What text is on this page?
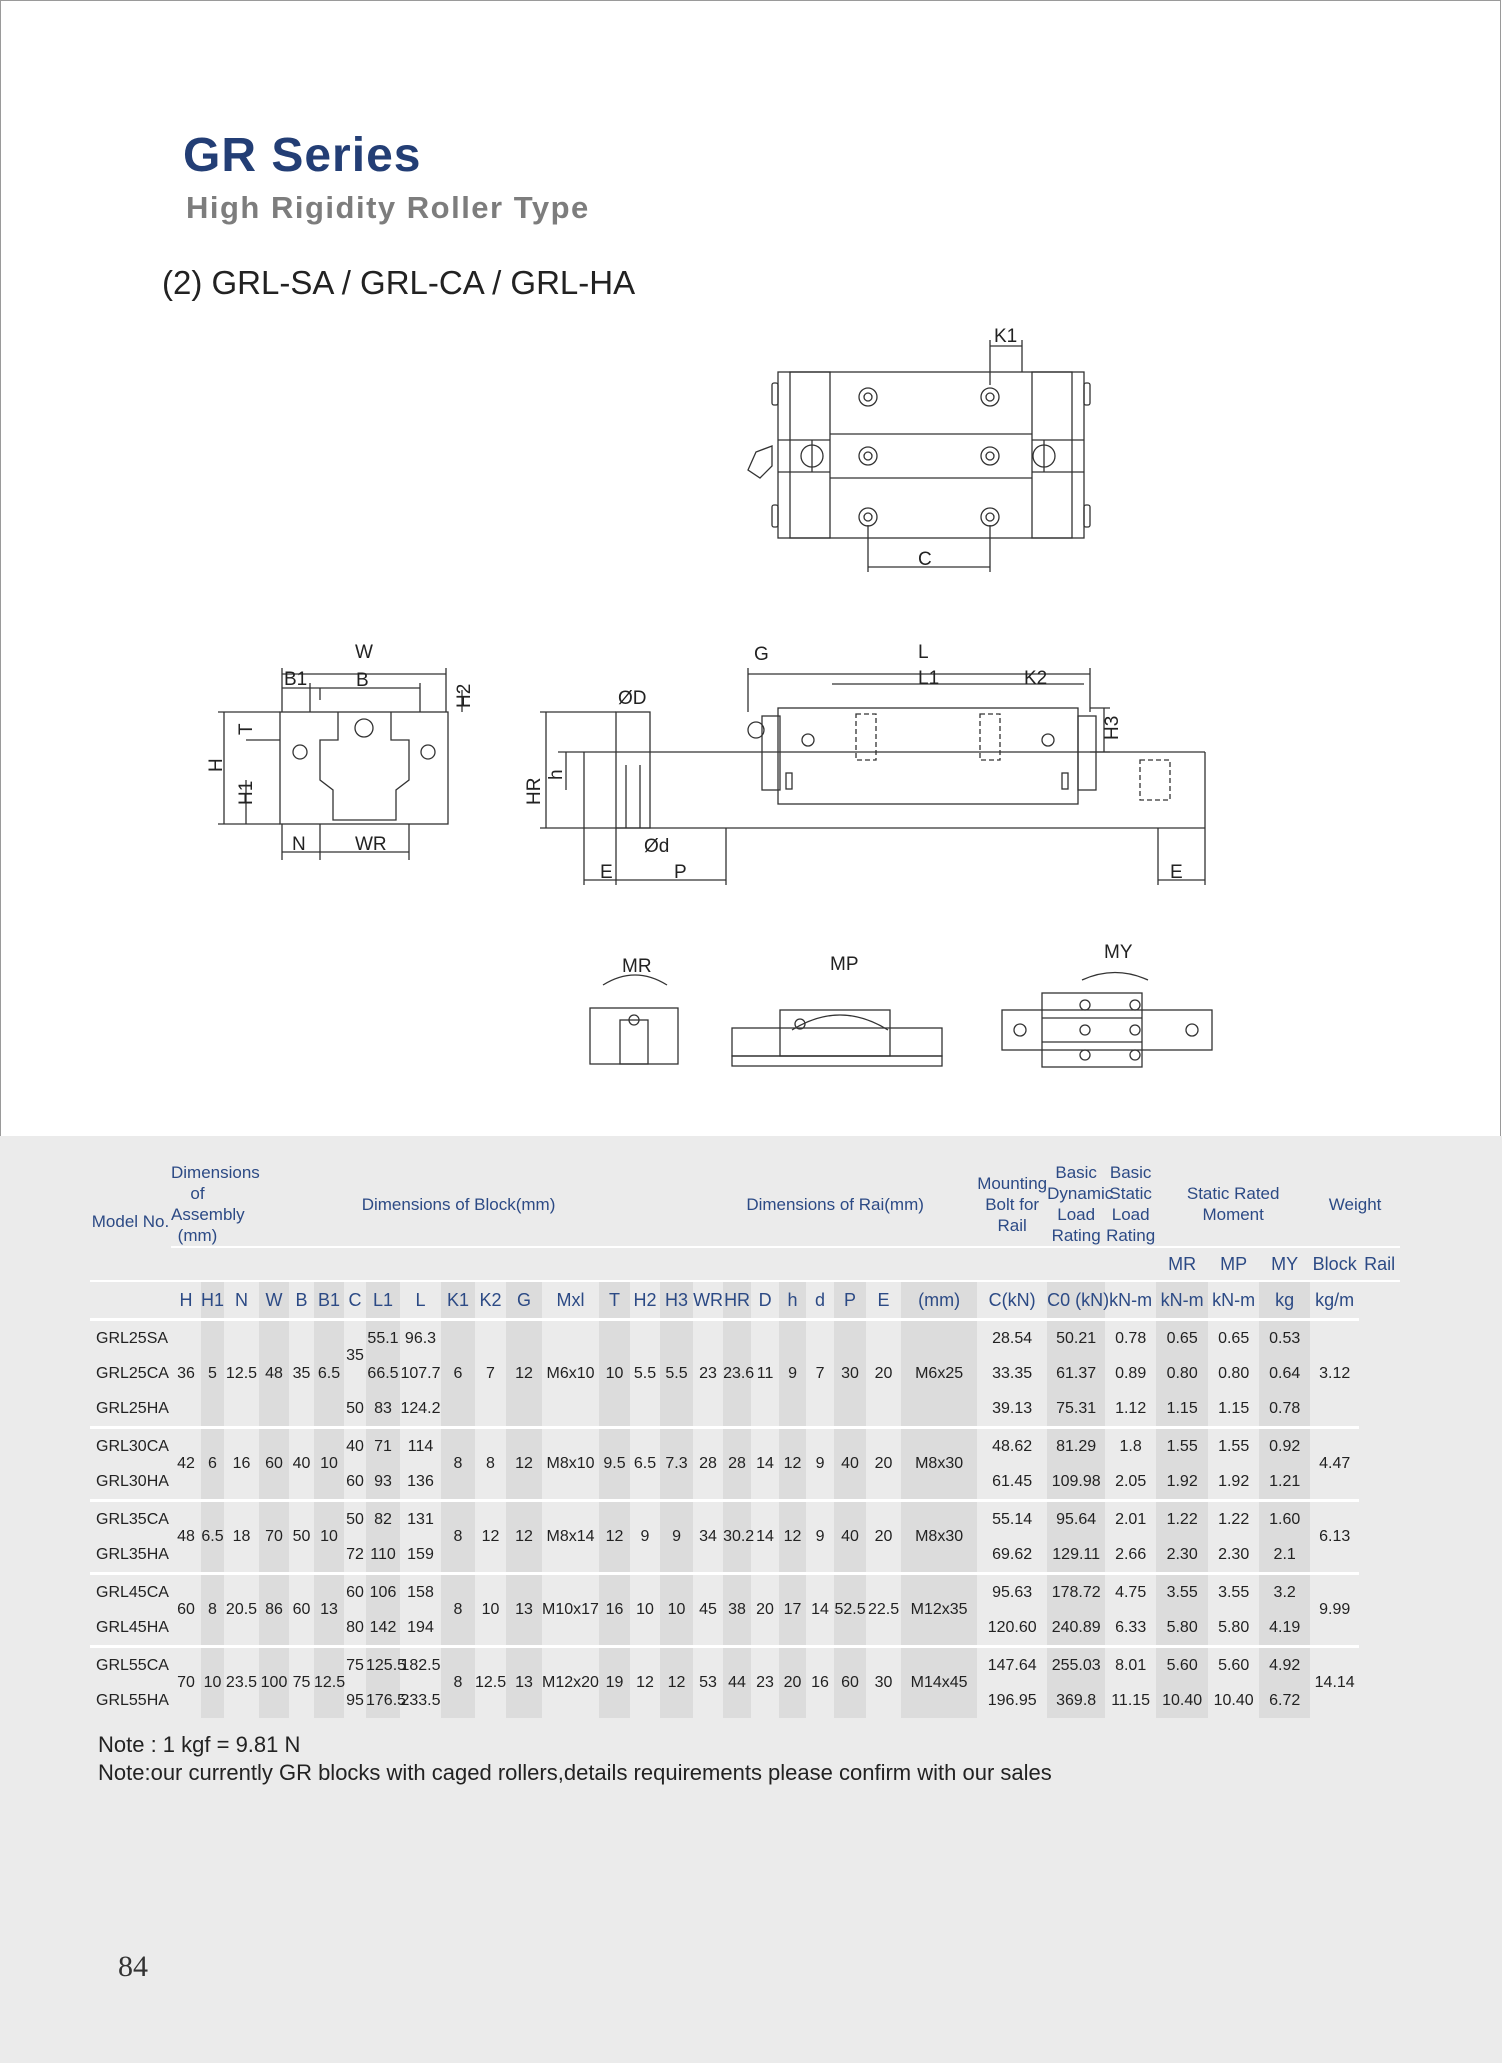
GR Series
High Rigidity Roller Type
(2) GRL-SA / GRL-CA / GRL-HA
K1
C
W
B1	B
H2
T
H
H1
N	WR
ØD
HR
h
Ød
E	P
G	L
L1	K2
H3
E
MR	MP
MY
Model No.	Dimensions of Assembly (mm)		Dimensions of Block(mm)														Dimensions of Rai(mm)								Mounting Bolt for Rail	Basic Dynamic Load Rating	Basic Static Load Rating	Static Rated Moment			Weight	
																												MR	MP	MY	Block	Rail
	H	H1	N	W	B	B1	C	L1	L	K1	K2	G	Mxl	T	H2	H3	WR	HR	D	h	d	P	E	(mm)	C(kN)	C0 (kN)	kN-m	kN-m	kN-m	kg	kg/m	
GRL25SA	36	5	12.5	48	35	6.5	35	55.1	96.3	6	7	12	M6x10	10	5.5	5.5	23	23.6	11	9	7	30	20	M6x25	28.54	50.21	0.78	0.65	0.65	0.53	3.12	
GRL25CA								66.5	107.7																33.35	61.37	0.89	0.80	0.80	0.64		
GRL25HA							50	83	124.2																39.13	75.31	1.12	1.15	1.15	0.78		
GRL30CA	42	6	16	60	40	10	40	71	114	8	8	12	M8x10	9.5	6.5	7.3	28	28	14	12	9	40	20	M8x30	48.62	81.29	1.8	1.55	1.55	0.92	4.47	
GRL30HA							60	93	136																61.45	109.98	2.05	1.92	1.92	1.21		
GRL35CA	48	6.5	18	70	50	10	50	82	131	8	12	12	M8x14	12	9	9	34	30.2	14	12	9	40	20	M8x30	55.14	95.64	2.01	1.22	1.22	1.60	6.13	
GRL35HA							72	110	159																69.62	129.11	2.66	2.30	2.30	2.1		
GRL45CA	60	8	20.5	86	60	13	60	106	158	8	10	13	M10x17	16	10	10	45	38	20	17	14	52.5	22.5	M12x35	95.63	178.72	4.75	3.55	3.55	3.2	9.99	
GRL45HA							80	142	194																120.60	240.89	6.33	5.80	5.80	4.19		
GRL55CA	70	10	23.5	100	75	12.5	75	125.5	182.5	8	12.5	13	M12x20	19	12	12	53	44	23	20	16	60	30	M14x45	147.64	255.03	8.01	5.60	5.60	4.92	14.14	
GRL55HA							95	176.5	233.5																196.95	369.8	11.15	10.40	10.40	6.72		
Note : 1 kgf = 9.81 N
Note:our currently GR blocks with caged rollers,details requirements please confirm with our sales
84
